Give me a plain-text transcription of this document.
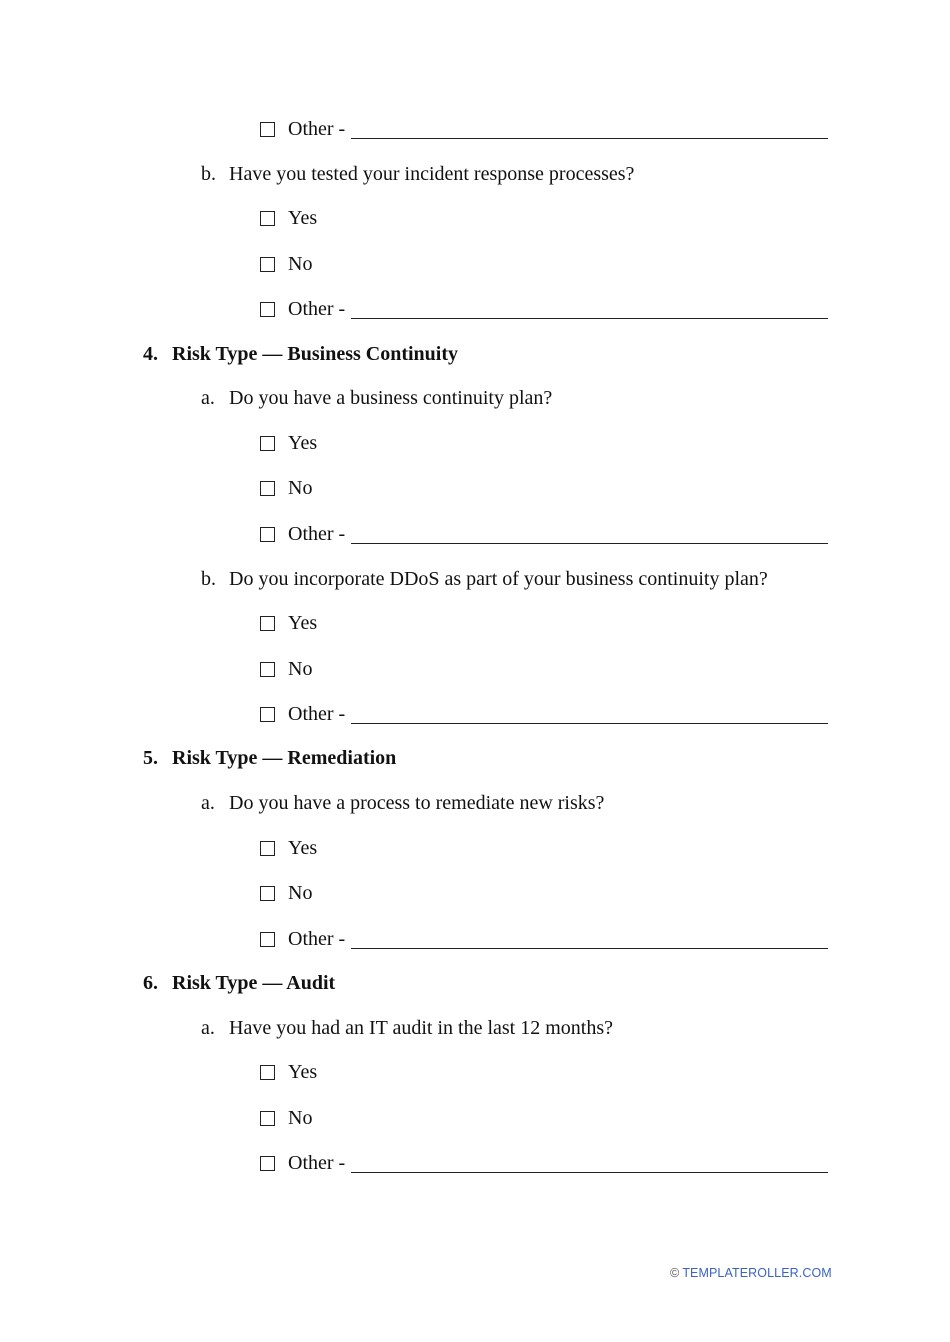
Other -
b. Have you tested your incident response processes?
Yes
No
Other -
4. Risk Type — Business Continuity
a. Do you have a business continuity plan?
Yes
No
Other -
b. Do you incorporate DDoS as part of your business continuity plan?
Yes
No
Other -
5. Risk Type — Remediation
a. Do you have a process to remediate new risks?
Yes
No
Other -
6. Risk Type — Audit
a. Have you had an IT audit in the last 12 months?
Yes
No
Other -
© TEMPLATEROLLER.COM
